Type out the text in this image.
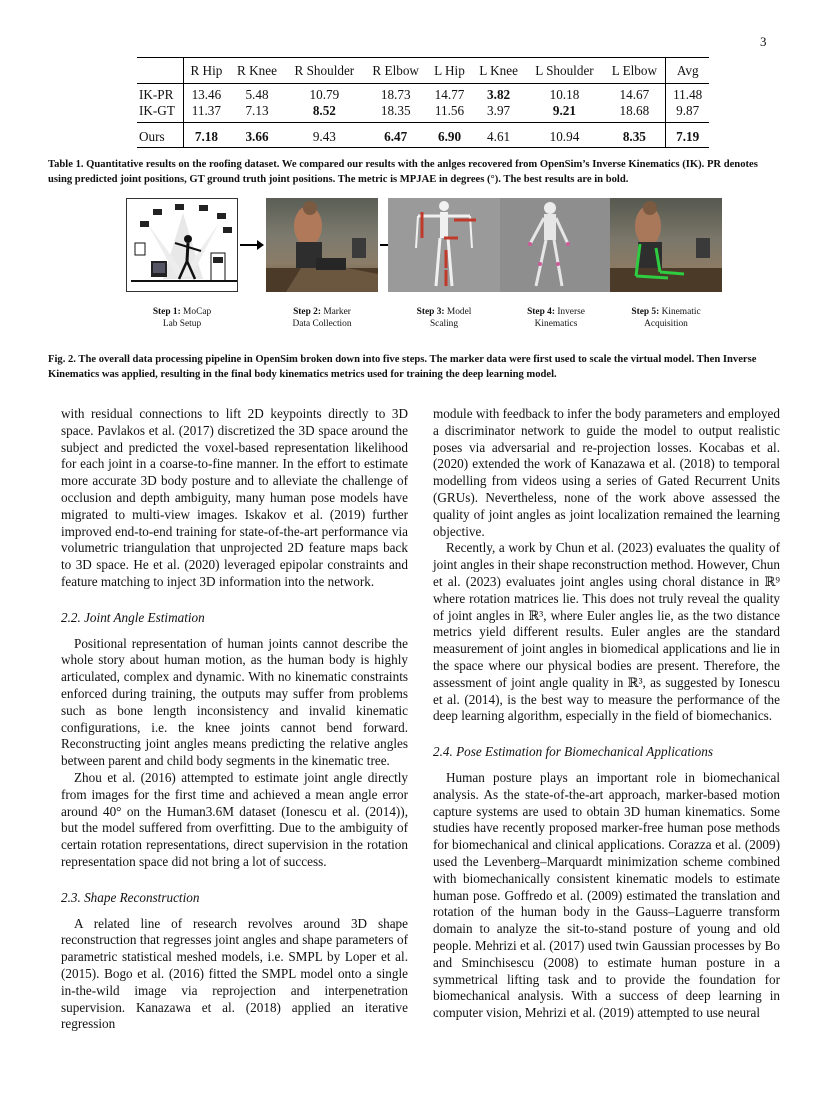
3
	R Hip	R Knee	R Shoulder	R Elbow	L Hip	L Knee	L Shoulder	L Elbow	Avg
IK-PR	13.46	5.48	10.79	18.73	14.77	3.82	10.18	14.67	11.48
IK-GT	11.37	7.13	8.52	18.35	11.56	3.97	9.21	18.68	9.87
Ours	7.18	3.66	9.43	6.47	6.90	4.61	10.94	8.35	7.19
Table 1. Quantitative results on the roofing dataset. We compared our results with the anlges recovered from OpenSim’s Inverse Kinematics (IK). PR denotes using predicted joint positions, GT ground truth joint positions. The metric is MPJAE in degrees (°). The best results are in bold.
Step 1: MoCap
Lab Setup
Step 2: Marker
Data Collection
Step 3: Model
Scaling
Step 4: Inverse
Kinematics
Step 5: Kinematic
Acquisition
Fig. 2. The overall data processing pipeline in OpenSim broken down into five steps. The marker data were first used to scale the virtual model. Then Inverse Kinematics was applied, resulting in the final body kinematics metrics used for training the deep learning model.

with residual connections to lift 2D keypoints directly to 3D space. Pavlakos et al. (2017) discretized the 3D space around the subject and predicted the voxel-based representation likelihood for each joint in a coarse-to-fine manner. In the effort to estimate more accurate 3D body posture and to alleviate the challenge of occlusion and depth ambiguity, many human pose models have migrated to multi-view images. Iskakov et al. (2019) further improved end-to-end training for state-of-the-art performance via volumetric triangulation that unprojected 2D feature maps back to 3D space. He et al. (2020) leveraged epipolar constraints and feature matching to inject 3D information into the network.

2.2. Joint Angle Estimation

Positional representation of human joints cannot describe the whole story about human motion, as the human body is highly articulated, complex and dynamic. With no kinematic constraints enforced during training, the outputs may suffer from problems such as bone length inconsistency and invalid kinematic configurations, i.e. the knee joints cannot bend forward. Reconstructing joint angles means predicting the relative angles between parent and child body segments in the kinematic tree.

Zhou et al. (2016) attempted to estimate joint angle directly from images for the first time and achieved a mean angle error around 40° on the Human3.6M dataset (Ionescu et al. (2014)), but the model suffered from overfitting. Due to the ambiguity of certain rotation representations, direct supervision in the rotation representation space did not bring a lot of success.

2.3. Shape Reconstruction

A related line of research revolves around 3D shape reconstruction that regresses joint angles and shape parameters of parametric statistical meshed models, i.e. SMPL by Loper et al. (2015). Bogo et al. (2016) fitted the SMPL model onto a single in-the-wild image via reprojection and interpenetration supervision. Kanazawa et al. (2018) applied an iterative regression

module with feedback to infer the body parameters and employed a discriminator network to guide the model to output realistic poses via adversarial and re-projection losses. Kocabas et al. (2020) extended the work of Kanazawa et al. (2018) to temporal modelling from videos using a series of Gated Recurrent Units (GRUs). Nevertheless, none of the work above assessed the quality of joint angles as joint localization remained the learning objective.

Recently, a work by Chun et al. (2023) evaluates the quality of joint angles in their shape reconstruction method. However, Chun et al. (2023) evaluates joint angles using choral distance in ℝ⁹ where rotation matrices lie. This does not truly reveal the quality of joint angles in ℝ³, where Euler angles lie, as the two distance metrics yield different results. Euler angles are the standard measurement of joint angles in biomedical applications and lie in the space where our physical bodies are present. Therefore, the assessment of joint angle quality in ℝ³, as suggested by Ionescu et al. (2014), is the best way to measure the performance of the deep learning algorithm, especially in the field of biomechanics.

2.4. Pose Estimation for Biomechanical Applications

Human posture plays an important role in biomechanical analysis. As the state-of-the-art approach, marker-based motion capture systems are used to obtain 3D human kinematics. Some studies have recently proposed marker-free human pose methods for biomechanical and clinical applications. Corazza et al. (2009) used the Levenberg–Marquardt minimization scheme combined with biomechanically consistent kinematic models to estimate human pose. Goffredo et al. (2009) estimated the translation and rotation of the human body in the Gauss–Laguerre transform domain to analyze the sit-to-stand posture of young and old people. Mehrizi et al. (2017) used twin Gaussian processes by Bo and Sminchisescu (2008) to estimate human posture in a symmetrical lifting task and to provide the foundation for biomechanical analysis. With a success of deep learning in computer vision, Mehrizi et al. (2019) attempted to use neural
